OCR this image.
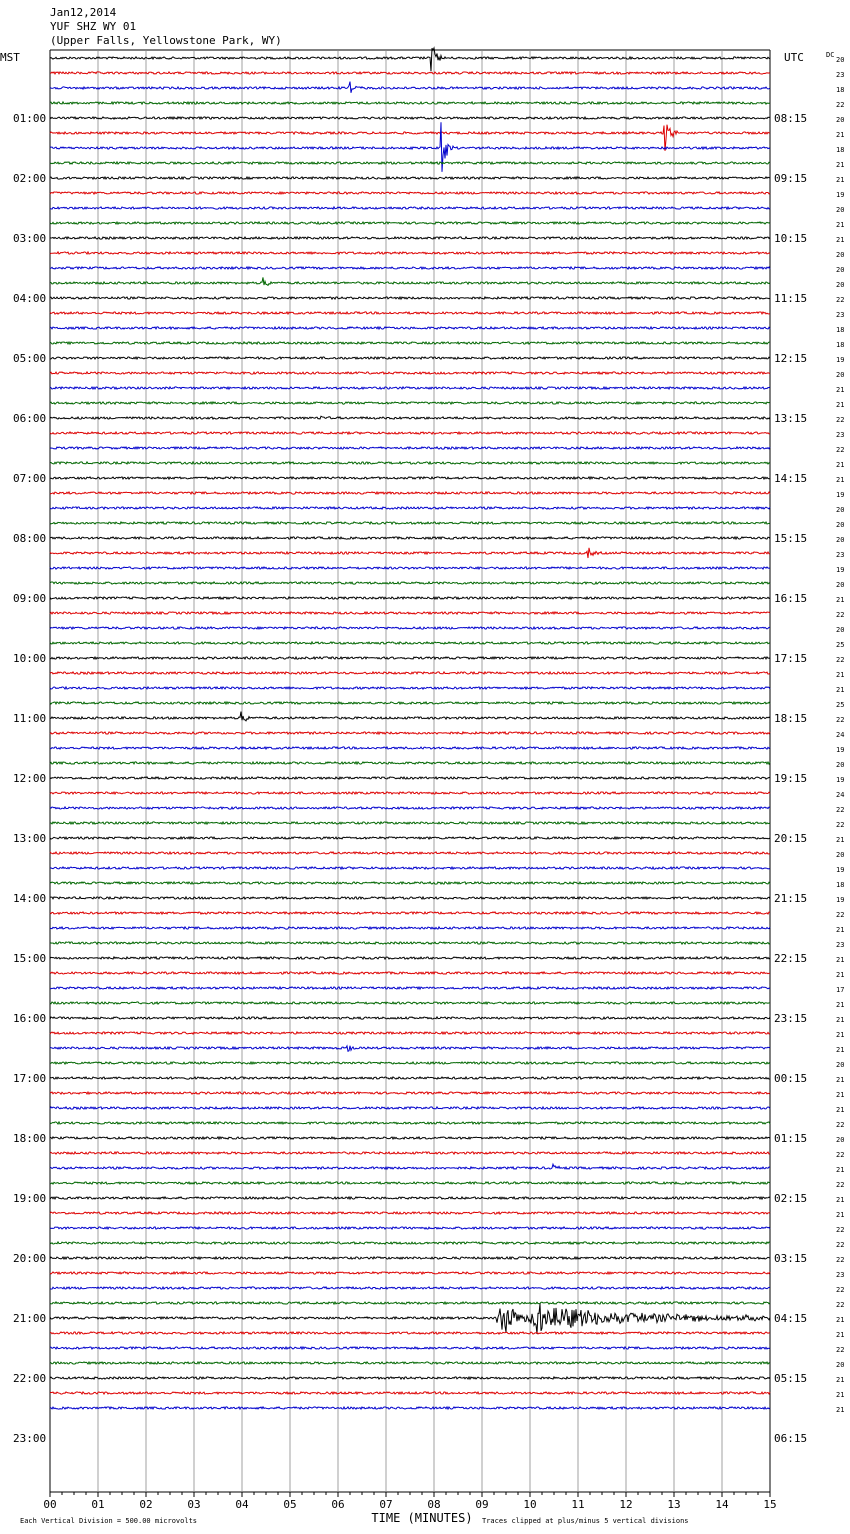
00	01	02	03	04	05	06	07	08	09	10	11	12	13	14	15
MST	UTC	DC
TIME (MINUTES)
Each Vertical Division = 500.00 microvolts	Traces clipped at plus/minus 5 vertical divisions
01:00
02:00
03:00
04:00
05:00
06:00
07:00
08:00
09:00
10:00
11:00
12:00
13:00
14:00
15:00
16:00
17:00
18:00
19:00
20:00
21:00
22:00
23:00
08:15
09:15
10:15
11:15
12:15
13:15
14:15
15:15
16:15
17:15
18:15
19:15
20:15
21:15
22:15
23:15
00:15
01:15
02:15
03:15
04:15
05:15
06:15
20
23
18
22
20
21
18
21
21
19
20
21
21
20
20
20
22
23
18
18
19
20
21
21
22
23
22
21
21
19
20
20
20
23
19
20
21
22
20
25
22
21
21
25
22
24
19
20
19
24
22
22
21
20
19
18
19
22
21
23
21
21
17
21
21
21
21
20
21
21
21
22
20
22
21
22
21
21
22
22
22
23
22
22
21
21
22
20
21
21
21
Jan12,2014
YUF SHZ WY 01
(Upper Falls, Yellowstone Park, WY)
